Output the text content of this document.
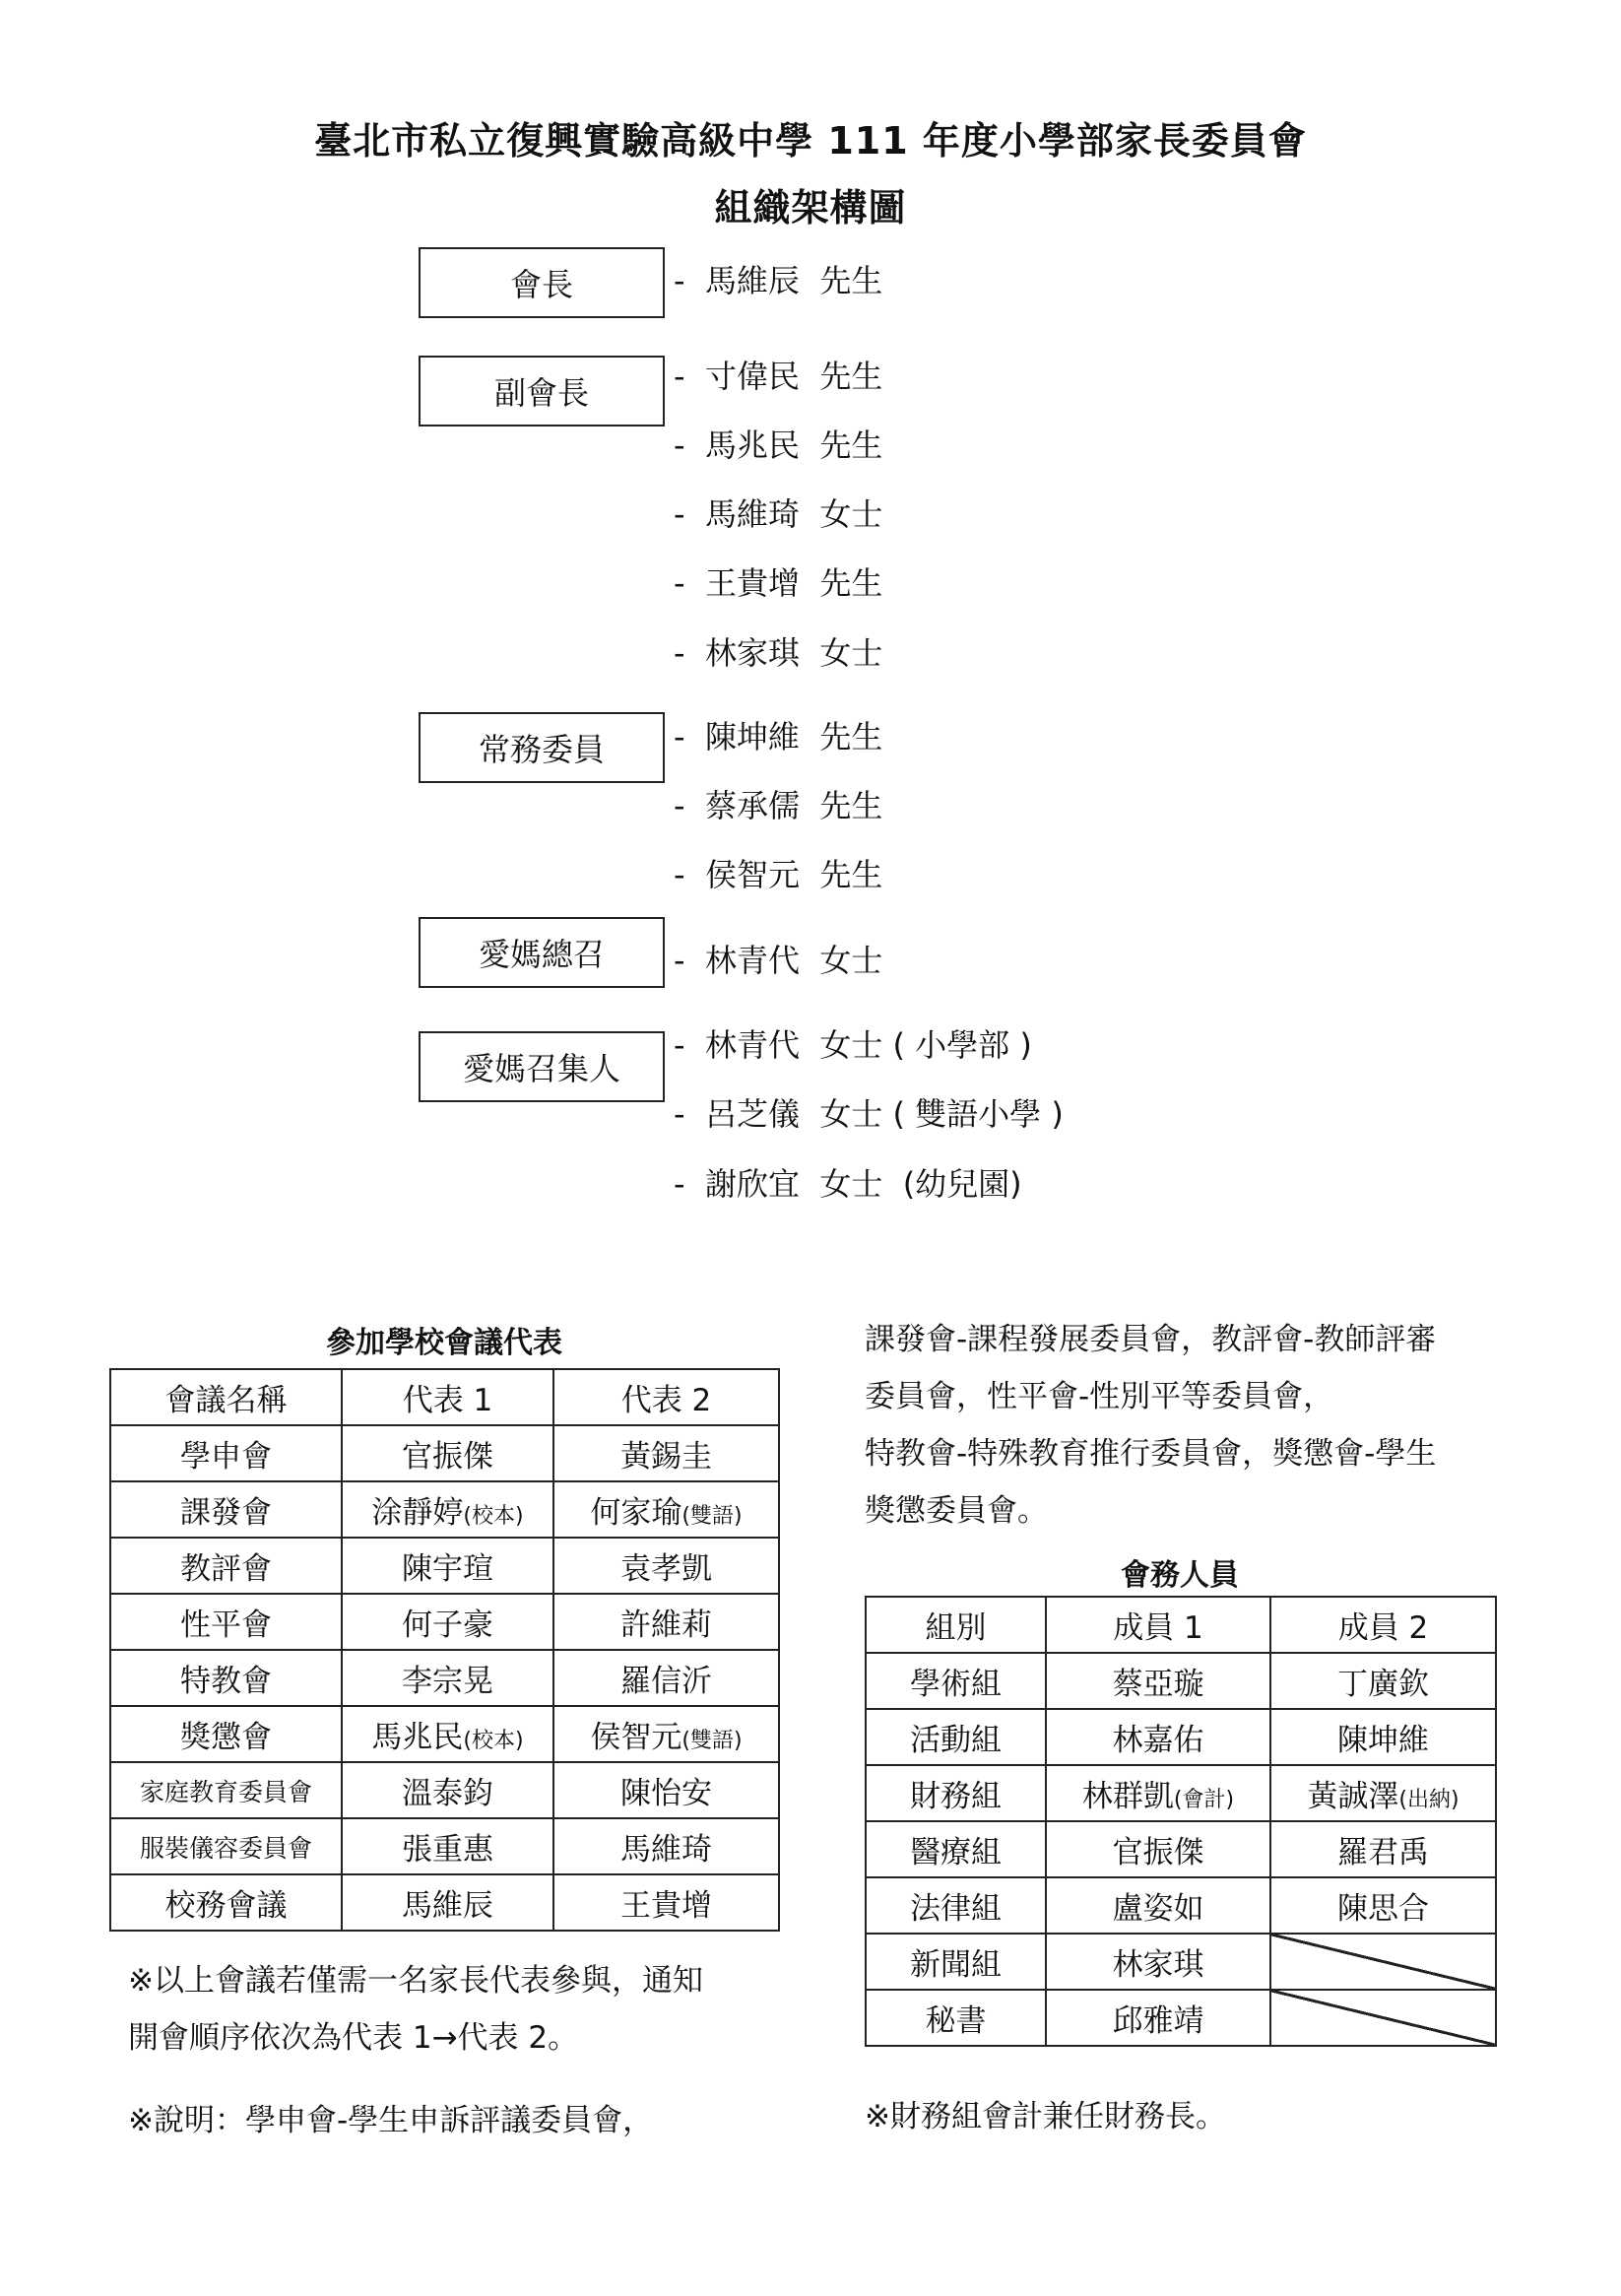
臺北市私立復興實驗高級中學 111 年度小學部家長委員會
組織架構圖
會長
副會長
常務委員
愛媽總召
愛媽召集人
- 馬維辰  先生
- 寸偉民  先生
- 馬兆民  先生
- 馬維琦  女士
- 王貴增  先生
- 林家琪  女士
- 陳坤維  先生
- 蔡承儒  先生
- 侯智元  先生
- 林青代  女士
- 林青代  女士 ( 小學部 )
- 呂芝儀  女士 ( 雙語小學 )
- 謝欣宜  女士  (幼兒園)
參加學校會議代表
會議名稱	代表 1	代表 2
學申會	官振傑	黃錫圭
課發會	涂靜婷(校本)	何家瑜(雙語)
教評會	陳宇瑄	袁孝凱
性平會	何子豪	許維莉
特教會	李宗晃	羅信沂
獎懲會	馬兆民(校本)	侯智元(雙語)
家庭教育委員會	溫泰鈞	陳怡安
服裝儀容委員會	張重惠	馬維琦
校務會議	馬維辰	王貴增
※以上會議若僅需一名家長代表參與，通知
開會順序依次為代表 1→代表 2。
※說明：學申會-學生申訴評議委員會，
課發會-課程發展委員會，教評會-教師評審
委員會，性平會-性別平等委員會，
特教會-特殊教育推行委員會，獎懲會-學生
獎懲委員會。
會務人員
組別	成員 1	成員 2
學術組	蔡亞璇	丁廣欽
活動組	林嘉佑	陳坤維
財務組	林群凱(會計)	黃誠澤(出納)
醫療組	官振傑	羅君禹
法律組	盧姿如	陳思合
新聞組	林家琪	
秘書	邱雅靖	
※財務組會計兼任財務長。
